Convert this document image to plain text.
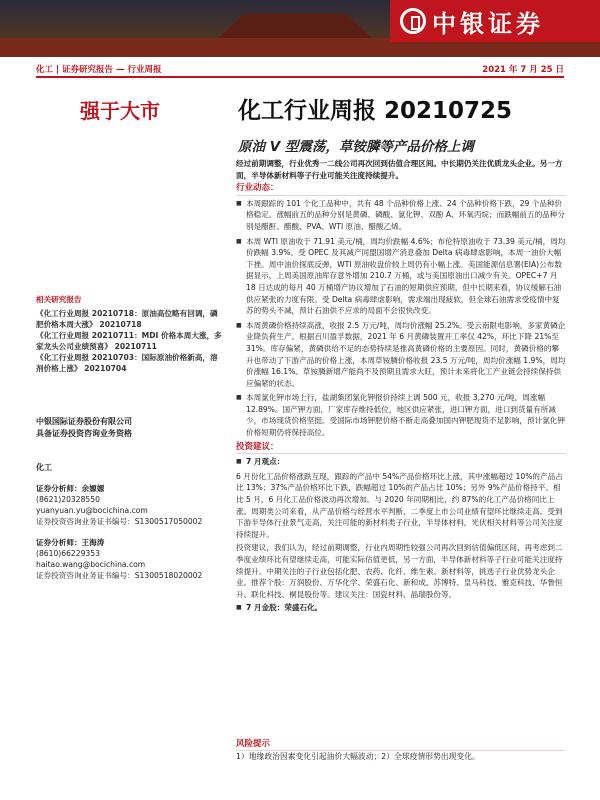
中银证券
化工 | 证券研究报告 — 行业周报	2021 年 7 月 25 日
强于大市	化工行业周报 20210725
原油 V 型震荡，草铵膦等产品价格上调
相关研究报告
《化工行业周报 20210718：原油高位略有回调，磷肥价格本周大涨》 20210718
《化工行业周报 20210711：MDI 价格本周大涨，多家龙头公司业绩预喜》 20210711
《化工行业周报 20210703：国际原油价格新高，溶剂价格上涨》 20210704
中银国际证券股份有限公司
具备证券投资咨询业务资格
化工
证券分析师：余嫄嫄
(8621)20328550
yuanyuan.yu@bocichina.com
证券投资咨询业务证书编号：S1300517050002
证券分析师：王海涛
(8610)66229353
haitao.wang@bocichina.com
证券投资咨询业务证书编号：S1300518020002
经过前期调整，行业优秀一二线公司再次回到估值合理区间。中长期仍关注优质龙头企业。另一方面，半导体新材料等子行业可能关注度持续提升。
行业动态：
■ 本周跟踪的 101 个化工品种中，共有 48 个品种价格上涨、24 个品种价格下跌，29 个品种价格稳定。涨幅前五的品种分别是黄磷、磷酸、氯化钾、双酚 A、环氧丙烷；而跌幅前五的品种分别是醋酐、醋酸、PVA、WTI 原油、醋酸乙烯。
■ 本周 WTI 原油收于 71.91 美元/桶，周均价跌幅 4.6%；布伦特原油收于 73.39 美元/桶，周均价跌幅 3.9%。受 OPEC 及其减产同盟国增产消息叠加 Delta 病毒肆虐影响，本周一油价大幅下挫。周中油价探底反弹，WTI 原油收盘价较上周仍有小幅上涨。美国能源信息署(EIA)公布数据显示，上周美国原油库存意外增加 210.7 万桶，或与美国原油出口减少有关。OPEC+7 月 18 日达成的每月 40 万桶增产协议增加了石油的短期供应预期，但中长期来看，协议缓解石油供应紧张的力度有限。受 Delta 病毒肆虐影响，需求端出现疲软，但全球石油需求受疫情中复苏的势头不减，预计石油供不应求的局面不会很快改变。
■ 本周黄磷价格持续高涨，收报 2.5 万元/吨，周均价涨幅 25.2%。受云南限电影响，多家黄磷企业降负荷生产。根据百川盈孚数据，2021 年 6 月黄磷装置开工率仅 42%，环比下降 21%至 31%。库存偏紧，黄磷供给不足的态势持续是推高黄磷价格的主要原因。同时，黄磷价格的攀升也带动了下游产品的价格上涨，本周草铵膦价格收报 23.5 万元/吨，周均价涨幅 1.9%，周均价涨幅 16.1%。草铵膦新增产能尚不及预期且需求大旺，预计未来将化工产业链会持续保持供应偏紧的状态。
■ 本周氯化钾市场上行，盐湖集团氯化钾报价持续上调 500 元，收报 3,270 元/吨，周涨幅 12.89%。国产钾方面，厂家库存维持低位，地区供应紧张，进口钾方面，进口到货量有所减少，市场现货价格坚挺。受国际市场钾肥价格不断走高叠加国内钾肥现货不足影响，预计氯化钾价格短期仍将保持高位。
投资建议：
■ 7 月观点：
6 月份化工品价格涨跌互现，跟踪的产品中 54%产品价格环比上涨，其中涨幅超过 10%的产品占比 13%；37%产品价格环比下跌，跌幅超过 10%的产品占比 10%；另外 9%产品价格持平。相比 5 月，6 月化工品价格波动再次增加。与 2020 年同期相比，约 87%的化工产品价格同比上涨。周期类公司来看，从产品价格与经营水平判断，二季度上市公司业绩有望环比继续走高。受到下游半导体行业景气走高，关注可能的新材料类子行业，半导体材料，光伏相关材料等公司关注度持续提升。
投资建议，我们认为，经过前期调整，行业内周期性较强公司再次回到估值偏低区间，再考虑到二季度业绩环比有望继续走高，可能实际估值更低，另一方面，半导体新材料等子行业可能关注度持续提升。中期关注的子行业包括化肥、农药、化纤、维生素、新材料等，挑选子行业优势龙头企业。推荐个股：万润股份、万华化学、荣盛石化、新和成、苏博特、皇马科技、雅克科技、华鲁恒升、联化科技、桐昆股份等。建议关注：国瓷材料、晶瑞股份等。
■ 7 月金股：荣盛石化。
风险提示
1）地缘政治因素变化引起油价大幅波动；2）全球疫情形势出现变化。
